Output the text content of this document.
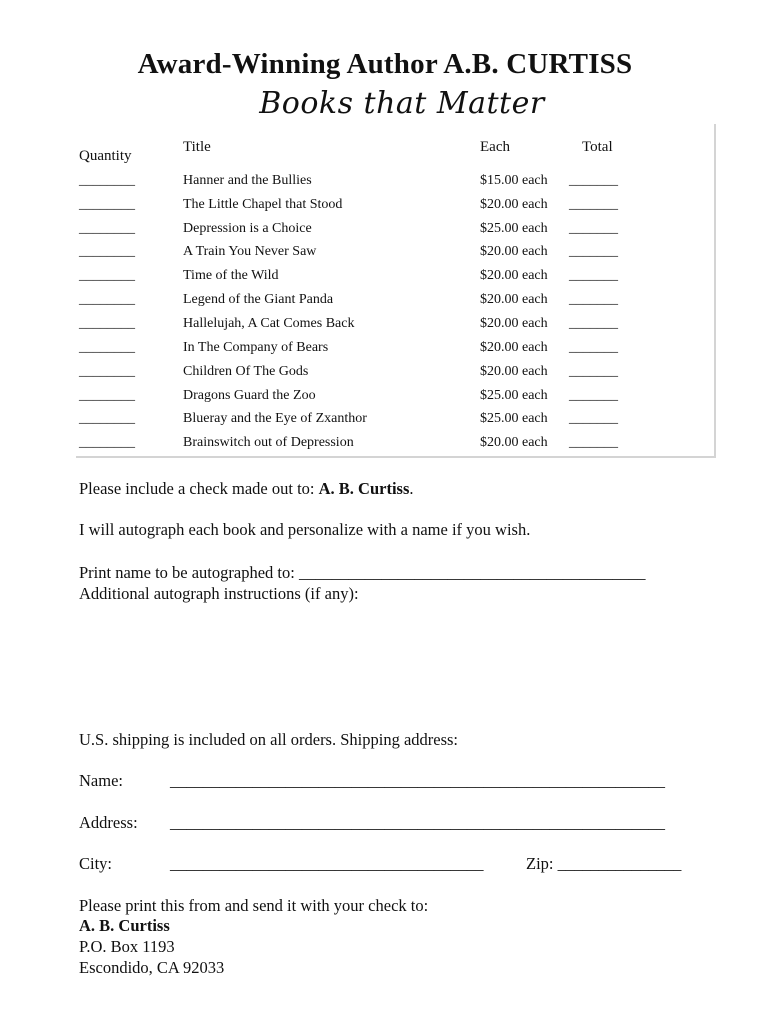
Award-Winning Author A.B. CURTISS
Books that Matter
Quantity
Title	Each	Total
________	Hanner and the Bullies	$15.00 each _______
________	The Little Chapel that Stood	$20.00 each _______
________	Depression is a Choice	$25.00 each _______
________	A Train You Never Saw	$20.00 each _______
________	Time of the Wild	$20.00 each _______
________	Legend of the Giant Panda	$20.00 each _______
________	Hallelujah, A Cat Comes Back	$20.00 each _______
________	In The Company of Bears	$20.00 each _______
________	Children Of The Gods	$20.00 each _______
________	Dragons Guard the Zoo	$25.00 each _______
________	Blueray and the Eye of Zxanthor	$25.00 each _______
________	Brainswitch out of Depression	$20.00 each _______
Please include a check made out to: A. B. Curtiss.
I will autograph each book and personalize with a name if you wish.
Print name to be autographed to: __________________________________________
Additional autograph instructions (if any):
U.S. shipping is included on all orders. Shipping address:
Name:	____________________________________________________________
Address: ____________________________________________________________
City:	______________________________________	Zip: _______________
Please print this from and send it with your check to:
A. B. Curtiss
P.O. Box 1193
Escondido, CA 92033
